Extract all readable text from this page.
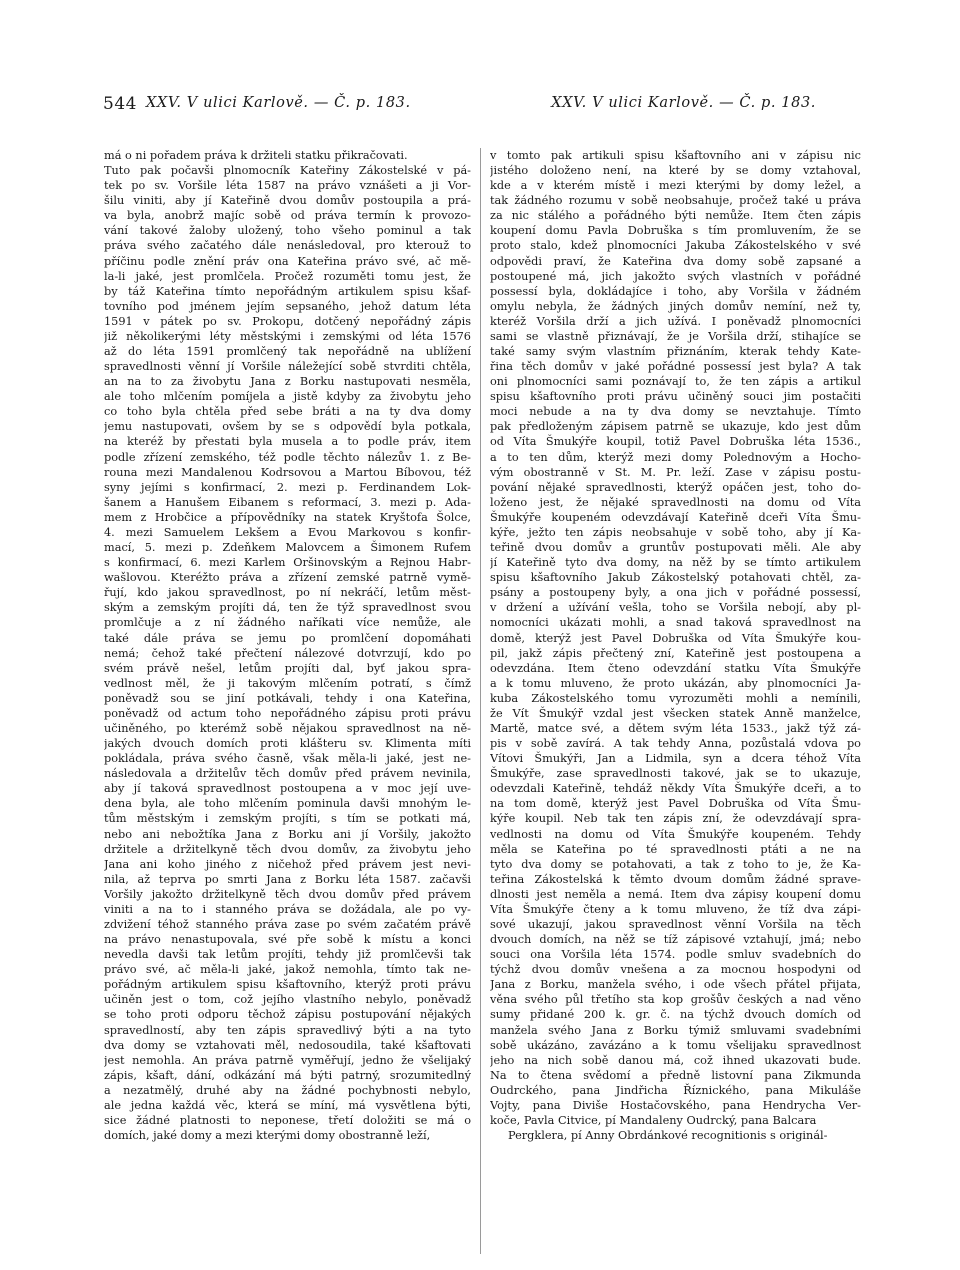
544 XXV. V ulici Karlově. — Č. p. 183.	XXV. V ulici Karlově. — Č. p. 183.
má o ni pořadem práva k držiteli statku přikračovati.
Tuto pak počavši plnomocník Kateřiny Zákostelské v pá-
tek po sv. Voršile léta 1587 na právo vznášeti a ji Vor-
šilu viniti, aby jí Kateřině dvou domův postoupila a prá-
va byla, anobrž majíc sobě od práva termín k provozo-
vání takové žaloby uložený, toho všeho pominul a tak
práva svého začatého dále nenásledoval, pro kterouž to
příčinu podle znění práv ona Kateřina právo své, ač mě-
la-li jaké, jest promlčela. Pročež rozuměti tomu jest, že
by táž Kateřina tímto nepořádným artikulem spisu kšaf-
tovního pod jménem jejím sepsaného, jehož datum léta
1591 v pátek po sv. Prokopu, dotčený nepořádný zápis
již několikerými léty městskými i zemskými od léta 1576
až do léta 1591 promlčený tak nepořádně na ublížení
spravedlnosti věnní jí Voršile náležející sobě stvrditi chtěla,
an na to za živobytu Jana z Borku nastupovati nesměla,
ale toho mlčením pomíjela a jistě kdyby za živobytu jeho
co toho byla chtěla před sebe bráti a na ty dva domy
jemu nastupovati, ovšem by se s odpovědí byla potkala,
na kteréž by přestati byla musela a to podle práv, item
podle zřízení zemského, též podle těchto nálezův 1. z Be-
rouna mezi Mandalenou Kodrsovou a Martou Bíbovou, též
syny jejími s konfirmací, 2. mezi p. Ferdinandem Lok-
šanem a Hanušem Eibanem s reformací, 3. mezi p. Ada-
mem z Hrobčice a přípovědníky na statek Kryštofa Šolce,
4. mezi Samuelem Lekšem a Evou Markovou s konfir-
mací, 5. mezi p. Zdeňkem Malovcem a Šimonem Rufem
s konfirmací, 6. mezi Karlem Oršinovským a Rejnou Habr-
wašlovou. Kteréžto práva a zřízení zemské patrně vymě-
řují, kdo jakou spravedlnost, po ní nekráčí, letům měst-
ským a zemským projíti dá, ten že týž spravedlnost svou
promlčuje a z ní žádného naříkati více nemůže, ale
také dále práva se jemu po promlčení dopomáhati
nemá; čehož také přečtení nálezové dotvrzují, kdo po
svém právě nešel, letům projíti dal, byť jakou spra-
vedlnost měl, že ji takovým mlčením potratí, s čímž
poněvadž sou se jiní potkávali, tehdy i ona Kateřina,
poněvadž od actum toho nepořádného zápisu proti právu
učiněného, po kterémž sobě nějakou spravedlnost na ně-
jakých dvouch domích proti klášteru sv. Klimenta míti
pokládala, práva svého časně, však měla-li jaké, jest ne-
následovala a držitelův těch domův před právem nevinila,
aby jí taková spravedlnost postoupena a v moc její uve-
dena byla, ale toho mlčením pominula davši mnohým le-
tům městským i zemským projíti, s tím se potkati má,
nebo ani nebožtíka Jana z Borku ani jí Voršily, jakožto
držitele a držitelkyně těch dvou domův, za živobytu jeho
Jana ani koho jiného z ničehož před právem jest nevi-
nila, až teprva po smrti Jana z Borku léta 1587. začavši
Voršily jakožto držitelkyně těch dvou domův před právem
viniti a na to i stanného práva se dožádala, ale po vy-
zdvižení téhož stanného práva zase po svém začatém právě
na právo nenastupovala, své pře sobě k místu a konci
nevedla davši tak letům projíti, tehdy již promlčevši tak
právo své, ač měla-li jaké, jakož nemohla, tímto tak ne-
pořádným artikulem spisu kšaftovního, kterýž proti právu
učiněn jest o tom, což jejího vlastního nebylo, poněvadž
se toho proti odporu těchož zápisu postupování nějakých
spravedlností, aby ten zápis spravedlivý býti a na tyto
dva domy se vztahovati měl, nedosoudila, také kšaftovati
jest nemohla. An práva patrně vyměřují, jedno že všelijaký
zápis, kšaft, dání, odkázání má býti patrný, srozumitedlný
a nezatmělý, druhé aby na žádné pochybnosti nebylo,
ale jedna každá věc, která se míní, má vysvětlena býti,
sice žádné platnosti to neponese, třetí doložiti se má o
domích, jaké domy a mezi kterými domy obostranně leží,
v tomto pak artikuli spisu kšaftovního ani v zápisu nic
jistého doloženo není, na které by se domy vztahoval,
kde a v kterém místě i mezi kterými by domy ležel, a
tak žádného rozumu v sobě neobsahuje, pročež také u práva
za nic stálého a pořádného býti nemůže. Item čten zápis
koupení domu Pavla Dobruška s tím promluvením, že se
proto stalo, kdež plnomocníci Jakuba Zákostelského v své
odpovědi praví, že Kateřina dva domy sobě zapsané a
postoupené má, jich jakožto svých vlastních v pořádné
possessí byla, dokládajíce i toho, aby Voršila v žádném
omylu nebyla, že žádných jiných domův nemíní, než ty,
kteréž Voršila drží a jich užívá. I poněvadž plnomocníci
sami se vlastně přiznávají, že je Voršila drží, stihajíce se
také samy svým vlastním přiznáním, kterak tehdy Kate-
řina těch domův v jaké pořádné possessí jest byla? A tak
oni plnomocníci sami poznávají to, že ten zápis a artikul
spisu kšaftovního proti právu učiněný souci jim postačiti
moci nebude a na ty dva domy se nevztahuje. Tímto
pak předloženým zápisem patrně se ukazuje, kdo jest dům
od Víta Šmukýře koupil, totiž Pavel Dobruška léta 1536.,
a to ten dům, kterýž mezi domy Polednovým a Hocho-
vým obostranně v St. M. Pr. leží. Zase v zápisu postu-
pování nějaké spravedlnosti, kterýž opáčen jest, toho do-
loženo jest, že nějaké spravedlnosti na domu od Víta
Šmukýře koupeném odevzdávají Kateřině dceři Víta Šmu-
kýře, ježto ten zápis neobsahuje v sobě toho, aby jí Ka-
teřině dvou domův a gruntův postupovati měli. Ale aby
jí Kateřině tyto dva domy, na něž by se tímto artikulem
spisu kšaftovního Jakub Zákostelský potahovati chtěl, za-
psány a postoupeny byly, a ona jich v pořádné possessí,
v držení a užívání vešla, toho se Voršila nebojí, aby pl-
nomocníci ukázati mohli, a snad taková spravedlnost na
domě, kterýž jest Pavel Dobruška od Víta Šmukýře kou-
pil, jakž zápis přečtený zní, Kateřině jest postoupena a
odevzdána. Item čteno odevzdání statku Víta Šmukýře
a k tomu mluveno, že proto ukázán, aby plnomocníci Ja-
kuba Zákostelského tomu vyrozuměti mohli a nemínili,
že Vít Šmukýř vzdal jest všecken statek Anně manželce,
Martě, matce své, a dětem svým léta 1533., jakž týž zá-
pis v sobě zavírá. A tak tehdy Anna, pozůstalá vdova po
Vítovi Šmukýři, Jan a Lidmila, syn a dcera téhož Víta
Šmukýře, zase spravedlnosti takové, jak se to ukazuje,
odevzdali Kateřině, tehdáž někdy Víta Šmukýře dceři, a to
na tom domě, kterýž jest Pavel Dobruška od Víta Šmu-
kýře koupil. Neb tak ten zápis zní, že odevzdávají spra-
vedlnosti na domu od Víta Šmukýře koupeném. Tehdy
měla se Kateřina po té spravedlnosti ptáti a ne na
tyto dva domy se potahovati, a tak z toho to je, že Ka-
teřina Zákostelská k těmto dvoum domům žádné sprave-
dlnosti jest neměla a nemá. Item dva zápisy koupení domu
Víta Šmukýře čteny a k tomu mluveno, že tíž dva zápi-
sové ukazují, jakou spravedlnost věnní Voršila na těch
dvouch domích, na něž se tíž zápisové vztahují, jmá; nebo
souci ona Voršila léta 1574. podle smluv svadebních do
týchž dvou domův vnešena a za mocnou hospodyni od
Jana z Borku, manžela svého, i ode všech přátel přijata,
věna svého půl třetího sta kop grošův českých a nad věno
sumy přidané 200 k. gr. č. na týchž dvouch domích od
manžela svého Jana z Borku týmiž smluvami svadebními
sobě ukázáno, zavázáno a k tomu všelijaku spravedlnost
jeho na nich sobě danou má, což ihned ukazovati bude.
Na to čtena svědomí a předně listovní pana Zikmunda
Oudrckého, pana Jindřicha Říznického, pana Mikuláše
Vojty, pana Diviše Hostačovského, pana Hendrycha Ver-
koče, Pavla Citvice, pí Mandaleny Oudrcký, pana Balcara
Pergklera, pí Anny Obrdánkové recognitionis s originál-
